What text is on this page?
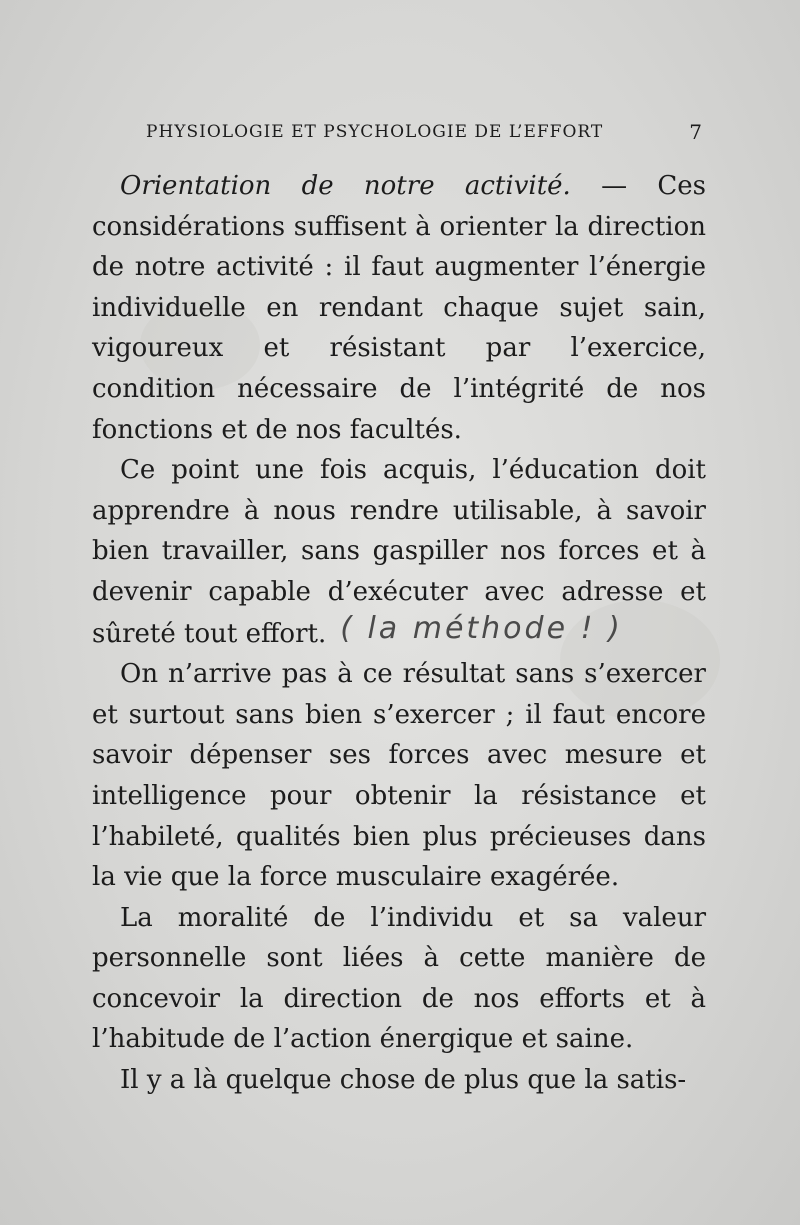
PHYSIOLOGIE ET PSYCHOLOGIE DE L’EFFORT	7

Orientation de notre activité. — Ces considérations suffisent à orienter la direction de notre activité : il faut augmenter l’énergie individuelle en rendant chaque sujet sain, vigoureux et résistant par l’exercice, condition nécessaire de l’intégrité de nos fonctions et de nos facultés.

Ce point une fois acquis, l’éducation doit apprendre à nous rendre utilisable, à savoir bien travailler, sans gaspiller nos forces et à devenir capable d’exécuter avec adresse et sûreté tout effort. ( la méthode ! )

On n’arrive pas à ce résultat sans s’exercer et surtout sans bien s’exercer ; il faut encore savoir dépenser ses forces avec mesure et intelligence pour obtenir la résistance et l’habileté, qualités bien plus précieuses dans la vie que la force musculaire exagérée.

La moralité de l’individu et sa valeur personnelle sont liées à cette manière de concevoir la direction de nos efforts et à l’habitude de l’action énergique et saine.

Il y a là quelque chose de plus que la satis-
